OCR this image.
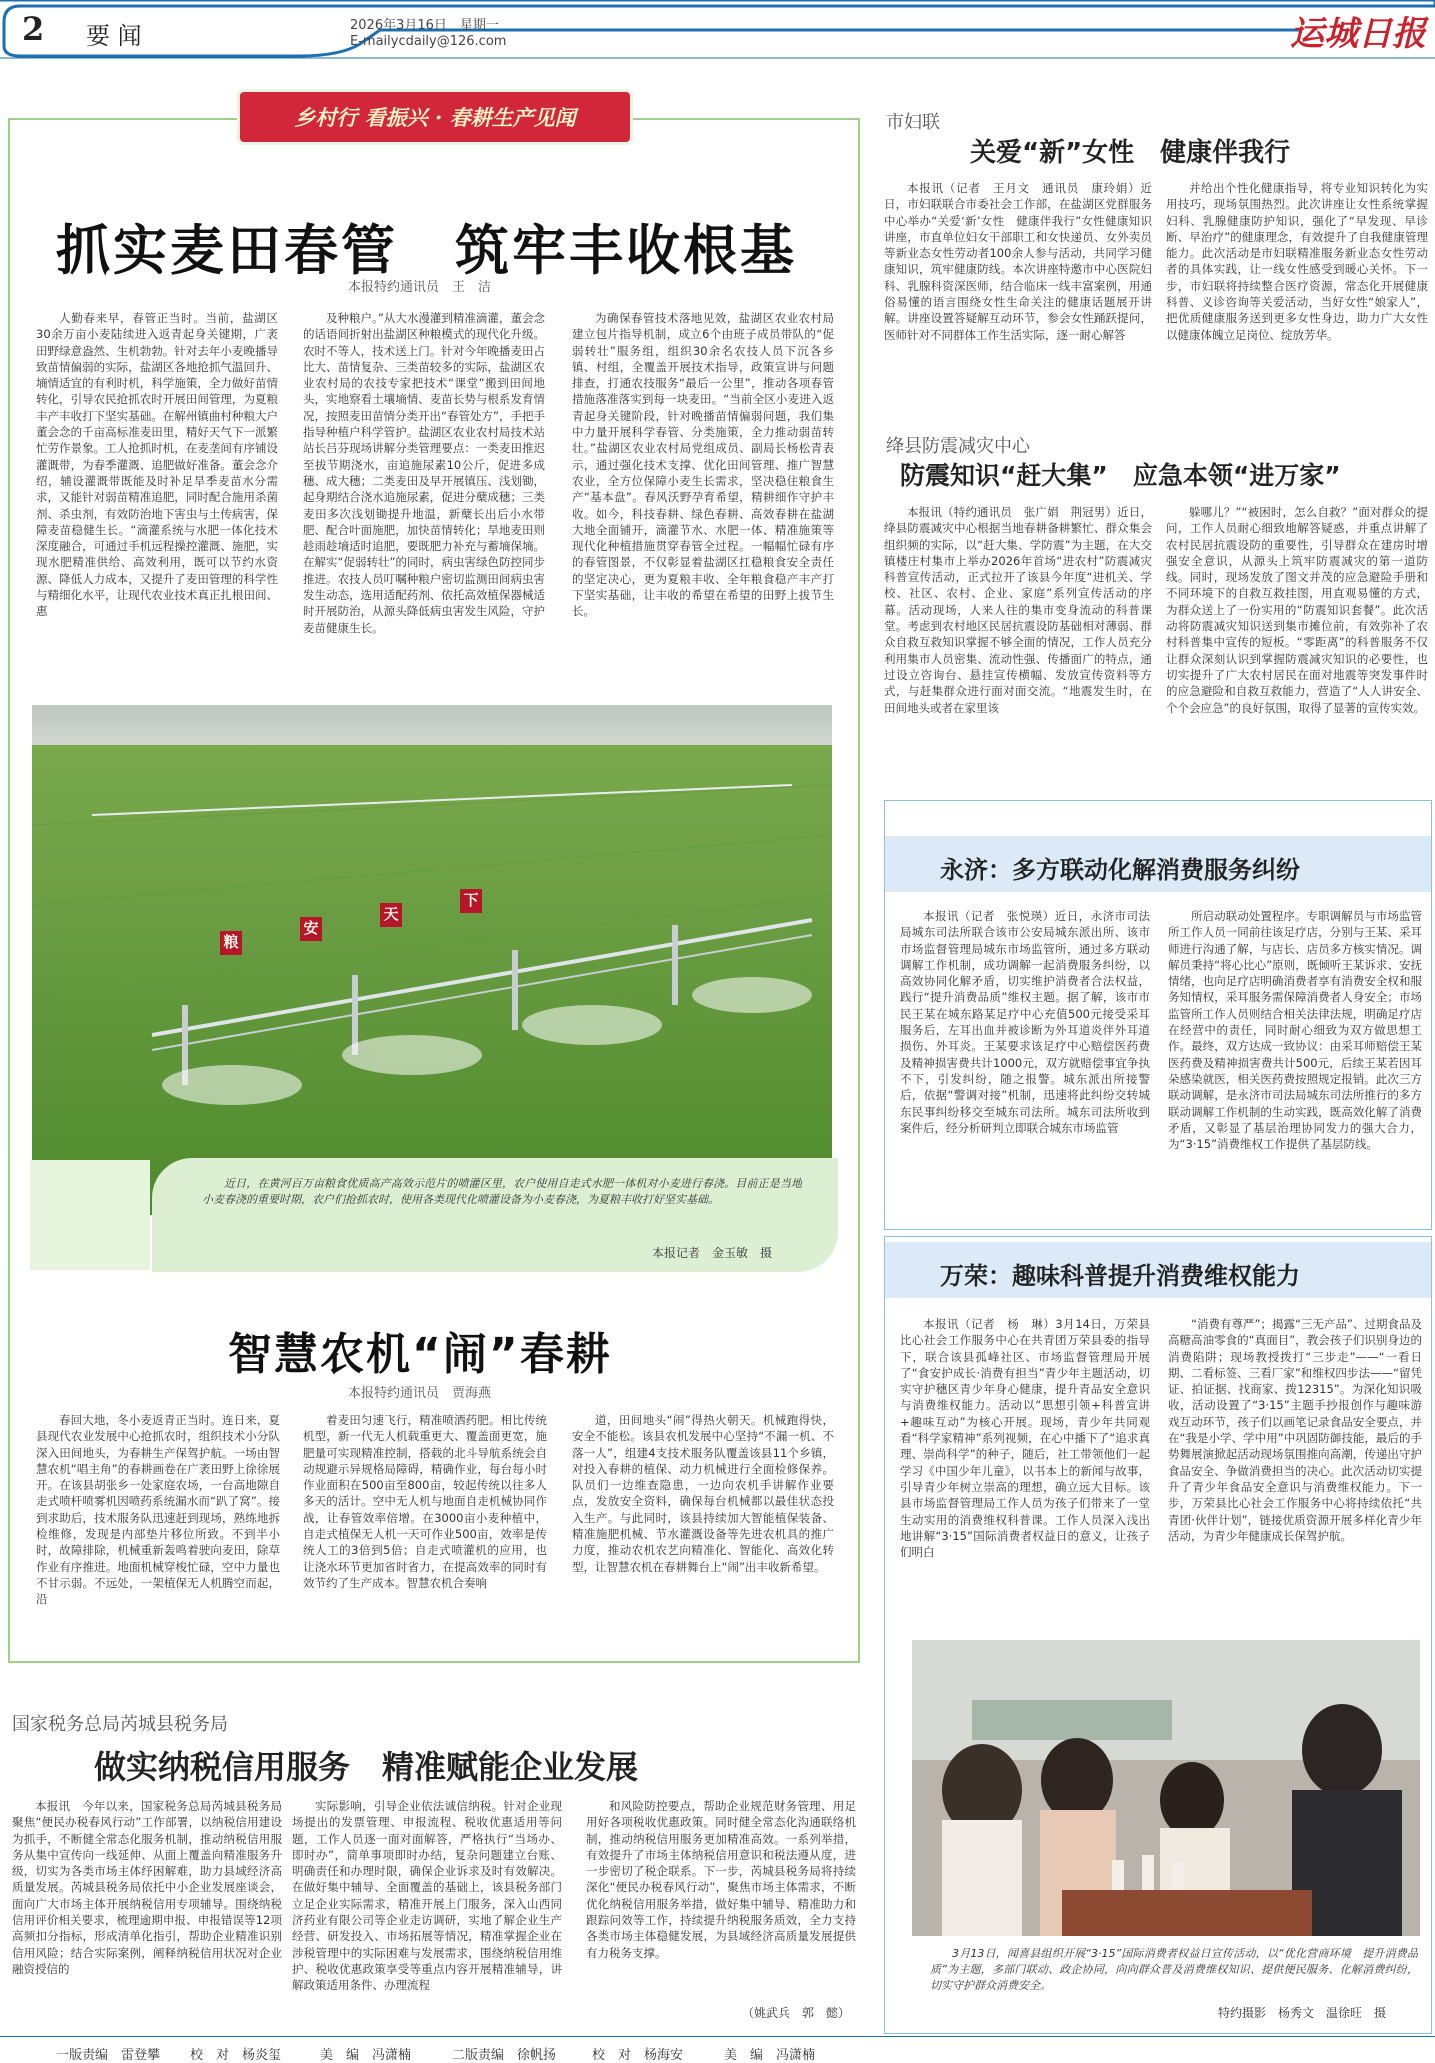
2 要 闻	2026年3月16日　星期一
E-mailycdaily@126.com	运城日报
乡村行 看振兴 · 春耕生产见闻
抓实麦田春管　筑牢丰收根基
本报特约通讯员　王　洁
人勤春来早，春管正当时。当前，盐湖区30余万亩小麦陆续进入返青起身关键期，广袤田野绿意盎然、生机勃勃。针对去年小麦晚播导致苗情偏弱的实际，盐湖区各地抢抓气温回升、墒情适宜的有利时机，科学施策，全力做好苗情转化，引导农民抢抓农时开展田间管理，为夏粮丰产丰收打下坚实基础。在解州镇曲村种粮大户董会念的千亩高标准麦田里，精好天气下一派繁忙劳作景象。工人抢抓时机，在麦垄间有序铺设灌溉带，为春季灌溉、追肥做好准备。董会念介绍，辅设灌溉带既能及时补足旱季麦苗水分需求，又能针对弱苗精准追肥，同时配合施用杀菌剂、杀虫剂，有效防治地下害虫与土传病害，保障麦苗稳健生长。“滴灌系统与水肥一体化技术深度融合，可通过手机远程操控灌溉、施肥，实现水肥精准供给、高效利用，既可以节约水资源、降低人力成本，又提升了麦田管理的科学性与精细化水平，让现代农业技术真正扎根田间、惠
及种粮户。”从大水漫灌到精准滴灌，董会念的话语间折射出盐湖区种粮模式的现代化升级。农时不等人，技术送上门。针对今年晚播麦田占比大、苗情复杂、三类苗较多的实际，盐湖区农业农村局的农技专家把技术“课堂”搬到田间地头，实地察看土壤墒情、麦苗长势与根系发育情况，按照麦田苗情分类开出“春管处方”，手把手指导种植户科学管护。盐湖区农业农村局技术站站长吕芬现场讲解分类管理要点：一类麦田推迟至拔节期浇水，亩追施尿素10公斤，促进多成穗、成大穗；二类麦田及早开展镇压、浅划锄，起身期结合浇水追施尿素，促进分蘖成穗；三类麦田多次浅划锄提升地温，新蘖长出后小水带肥、配合叶面施肥，加快苗情转化；旱地麦田则趁雨趁墒适时追肥，要既肥力补充与蓄墒保墒。在解实“促弱转壮”的同时，病虫害绿色防控同步推进。农技人员叮嘱种粮户密切监测田间病虫害发生动态，选用适配药剂、依托高效植保器械适时开展防治，从源头降低病虫害发生风险，守护麦苗健康生长。
为确保春管技术落地见效，盐湖区农业农村局建立包片指导机制，成立6个由班子成员带队的“促弱转壮”服务组，组织30余名农技人员下沉各乡镇、村组，全覆盖开展技术指导，政策宣讲与问题排查，打通农技服务“最后一公里”，推动各项春管措施落准落实到每一块麦田。“当前全区小麦进入返青起身关键阶段，针对晚播苗情偏弱问题，我们集中力量开展科学春管、分类施策，全力推动弱苗转壮。”盐湖区农业农村局党组成员、副局长杨松青表示，通过强化技术支撑、优化田间管理、推广智慧农业，全方位保障小麦生长需求，坚决稳住粮食生产“基本盘”。春风沃野孕育希望，精耕细作守护丰收。如今，科技春耕、绿色春耕、高效春耕在盐湖大地全面铺开，滴灌节水、水肥一体、精准施策等现代化种植措施贯穿春管全过程。一幅幅忙碌有序的春管图景，不仅彰显着盐湖区扛稳粮食安全责任的坚定决心，更为夏粮丰收、全年粮食稳产丰产打下坚实基础，让丰收的希望在希望的田野上拔节生长。
粮
安
天
下
近日，在黄河百万亩粮食优质高产高效示范片的喷灌区里，农户使用自走式水肥一体机对小麦进行春浇。目前正是当地小麦春浇的重要时期，农户们抢抓农时，使用各类现代化喷灌设备为小麦春浇，为夏粮丰收打好坚实基础。
本报记者　金玉敏　摄
智慧农机“闹”春耕
本报特约通讯员　贾海燕
春回大地，冬小麦返青正当时。连日来，夏县现代农业发展中心抢抓农时，组织技术小分队深入田间地头，为春耕生产保驾护航。一场由智慧农机“唱主角”的春耕画卷在广袤田野上徐徐展开。在该县胡张乡一处家庭农场，一台高地隙自走式喷杆喷雾机因喷药系统漏水而“趴了窝”。接到求助后，技术服务队迅速赶到现场，熟练地拆检维修，发现是内部垫片移位所致。不到半小时，故障排除，机械重新轰鸣着驶向麦田，除草作业有序推进。地面机械穿梭忙碌，空中力量也不甘示弱。不远处，一架植保无人机腾空而起，沿
着麦田匀速飞行，精准喷洒药肥。相比传统机型，新一代无人机载重更大、覆盖面更宽，施肥量可实现精准控制，搭载的北斗导航系统会自动规避示异规格局障碍，精确作业，每台每小时作业面积在500亩至800亩，较起传统以往多人多天的活计。空中无人机与地面自走机械协同作战，让春管效率倍增。在3000亩小麦种植中，自走式植保无人机一天可作业500亩，效率是传统人工的3倍到5倍；自走式喷灌机的应用，也让浇水环节更加省时省力，在提高效率的同时有效节约了生产成本。智慧农机合奏响
道，田间地头“闹”得热火朝天。机械跑得快，安全不能松。该县农机发展中心坚持“不漏一机、不落一人”，组建4支技术服务队覆盖该县11个乡镇，对投入春耕的植保、动力机械进行全面检修保养。队员们一边维查隐患，一边向农机手讲解作业要点，发放安全资料，确保每台机械都以最佳状态投入生产。与此同时，该县持续加大智能植保装备、精准施肥机械、节水灌溉设备等先进农机具的推广力度，推动农机农艺向精准化、智能化、高效化转型，让智慧农机在春耕舞台上“闹”出丰收新希望。
国家税务总局芮城县税务局
做实纳税信用服务　精准赋能企业发展
本报讯　今年以来，国家税务总局芮城县税务局聚焦“便民办税春风行动”工作部署，以纳税信用建设为抓手，不断健全常态化服务机制，推动纳税信用服务从集中宣传向一线延伸、从面上覆盖向精准服务升级，切实为各类市场主体纾困解难，助力县域经济高质量发展。芮城县税务局依托中小企业发展座谈会，面向广大市场主体开展纳税信用专项辅导。围绕纳税信用评价相关要求，梳理逾期申报、申报错误等12项高频扣分指标，形成清单化指引，帮助企业精准识别信用风险；结合实际案例，阐释纳税信用状况对企业融资授信的
实际影响，引导企业依法诚信纳税。针对企业现场提出的发票管理、申报流程、税收优惠适用等问题，工作人员逐一面对面解答，严格执行“当场办、即时办”，简单事项即时办结，复杂问题建立台账、明确责任和办理时限，确保企业诉求及时有效解决。在做好集中辅导、全面覆盖的基础上，该县税务部门立足企业实际需求，精准开展上门服务，深入山西同济药业有限公司等企业走访调研，实地了解企业生产经营、研发投入、市场拓展等情况，精准掌握企业在涉税管理中的实际困难与发展需求，围绕纳税信用维护、税收优惠政策享受等重点内容开展精准辅导，讲解政策适用条件、办理流程
和风险防控要点，帮助企业规范财务管理、用足用好各项税收优惠政策。同时健全常态化沟通联络机制，推动纳税信用服务更加精准高效。一系列举措，有效提升了市场主体纳税信用意识和税法遵从度，进一步密切了税企联系。下一步，芮城县税务局将持续深化“便民办税春风行动”，聚焦市场主体需求，不断优化纳税信用服务举措，做好集中辅导、精准助力和跟踪问效等工作，持续提升纳税服务质效，全力支持各类市场主体稳健发展，为县域经济高质量发展提供有力税务支撑。
（姚武兵　郭　懿）
市妇联
关爱“新”女性　健康伴我行
本报讯（记者　王月文　通讯员　康玲娟）近日，市妇联联合市委社会工作部，在盐湖区党群服务中心举办“关爱‘新’女性　健康伴我行”女性健康知识讲座，市直单位妇女干部职工和女快递员、女外卖员等新业态女性劳动者100余人参与活动，共同学习健康知识，筑牢健康防线。本次讲座特邀市中心医院妇科、乳腺科资深医师，结合临床一线丰富案例，用通俗易懂的语言围绕女性生命关注的健康话题展开讲解。讲座设置答疑解互动环节，参会女性踊跃提问，医师针对不同群体工作生活实际，逐一耐心解答
并给出个性化健康指导，将专业知识转化为实用技巧，现场氛围热烈。此次讲座让女性系统掌握妇科、乳腺健康防护知识，强化了“早发现、早诊断、早治疗”的健康理念，有效提升了自我健康管理能力。此次活动是市妇联精准服务新业态女性劳动者的具体实践，让一线女性感受到暖心关怀。下一步，市妇联将持续整合医疗资源，常态化开展健康科普、义诊咨询等关爱活动，当好女性“娘家人”，把优质健康服务送到更多女性身边，助力广大女性以健康体魄立足岗位、绽放芳华。
绛县防震减灾中心
防震知识“赶大集”　应急本领“进万家”
本报讯（特约通讯员　张广娟　荆冠男）近日，绛县防震减灾中心根据当地春耕备耕繁忙、群众集会组织频的实际，以“赶大集、学防震”为主题，在大交镇楼庄村集市上举办2026年首场“进农村”防震减灾科普宣传活动，正式拉开了该县今年度“进机关、学校、社区、农村、企业、家庭”系列宣传活动的序幕。活动现场，人来人往的集市变身流动的科普课堂。考虑到农村地区民居抗震设防基础相对薄弱、群众自救互救知识掌握不够全面的情况，工作人员充分利用集市人员密集、流动性强、传播面广的特点，通过设立咨询台、悬挂宣传横幅、发放宣传资料等方式，与赶集群众进行面对面交流。“地震发生时，在田间地头或者在家里该
躲哪儿？”“被困时，怎么自救？”面对群众的提问，工作人员耐心细致地解答疑惑，并重点讲解了农村民居抗震设防的重要性，引导群众在建房时增强安全意识，从源头上筑牢防震减灾的第一道防线。同时，现场发放了图文并茂的应急避险手册和不同环境下的自救互救挂图，用直观易懂的方式，为群众送上了一份实用的“防震知识套餐”。此次活动将防震减灾知识送到集市摊位前，有效弥补了农村科普集中宣传的短板。“零距离”的科普服务不仅让群众深刻认识到掌握防震减灾知识的必要性，也切实提升了广大农村居民在面对地震等突发事件时的应急避险和自救互救能力，营造了“人人讲安全、个个会应急”的良好氛围，取得了显著的宣传实效。
永济：多方联动化解消费服务纠纷
本报讯（记者　张悦瑛）近日，永济市司法局城东司法所联合该市公安局城东派出所、该市市场监督管理局城东市场监管所，通过多方联动调解工作机制，成功调解一起消费服务纠纷，以高效协同化解矛盾，切实维护消费者合法权益，践行“提升消费品质”维权主题。据了解，该市市民王某在城东路某足疗中心充值500元接受采耳服务后，左耳出血并被诊断为外耳道炎伴外耳道损伤、外耳炎。王某要求该足疗中心赔偿医药费及精神损害费共计1000元，双方就赔偿事宜争执不下，引发纠纷，随之报警。城东派出所接警后，依据“警调对接”机制，迅速将此纠纷交转城东民事纠纷移交至城东司法所。城东司法所收到案件后，经分析研判立即联合城东市场监管
所启动联动处置程序。专职调解员与市场监管所工作人员一同前往该足疗店，分别与王某、采耳师进行沟通了解，与店长、店员多方核实情况。调解员秉持“将心比心”原则，既倾听王某诉求、安抚情绪，也向足疗店明确消费者享有消费安全权和服务知情权，采耳服务需保障消费者人身安全；市场监管所工作人员则结合相关法律法规，明确足疗店在经营中的责任，同时耐心细致为双方做思想工作。最终，双方达成一致协议：由采耳师赔偿王某医药费及精神损害费共计500元，后续王某若因耳朵感染就医，相关医药费按照规定报销。此次三方联动调解，是永济市司法局城东司法所推行的多方联动调解工作机制的生动实践，既高效化解了消费矛盾，又彰显了基层治理协同发力的强大合力，为“3·15”消费维权工作提供了基层防线。
万荣：趣味科普提升消费维权能力
本报讯（记者　杨　琳）3月14日，万荣县比心社会工作服务中心在共青团万荣县委的指导下，联合该县孤峰社区、市场监督管理局开展了“食安护成长·消费有担当”青少年主题活动，切实守护穗区青少年身心健康，提升青品安全意识与消费维权能力。活动以“思想引领+科普宣讲+趣味互动”为核心开展。现场，青少年共同观看“科学家精神”系列视频，在心中播下了“追求真理、崇尚科学”的种子，随后，社工带领他们一起学习《中国少年儿童》，以书本上的新闻与故事，引导青少年树立崇高的理想，确立远大目标。该县市场监督管理局工作人员为孩子们带来了一堂生动实用的消费维权科普课。工作人员深入浅出地讲解“3·15”国际消费者权益日的意义，让孩子们明白
“消费有尊严”；揭露“三无产品”、过期食品及高糖高油零食的“真面目”，教会孩子们识别身边的消费陷阱；现场教授拨打“三步走”——“一看日期、二看标签、三看厂家”和维权四步法——“留凭证、拍证据、找商家、拨12315”。为深化知识吸收，活动设置了“3·15”主题手抄报创作与趣味游戏互动环节，孩子们以画笔记录食品安全要点，并在“我是小学、学中用”中巩固防御技能，最后的手势舞展演掀起活动现场氛围推向高潮，传递出守护食品安全、争做消费担当的决心。此次活动切实提升了青少年食品安全意识与消费维权能力。下一步，万荣县比心社会工作服务中心将持续依托“共青团·伙伴计划”，链接优质资源开展多样化青少年活动，为青少年健康成长保驾护航。
3月13日，闻喜县组织开展“3·15”国际消费者权益日宣传活动，以“优化营商环境　提升消费品质”为主题，多部门联动、政企协同，向向群众普及消费维权知识、提供便民服务、化解消费纠纷，切实守护群众消费安全。
特约摄影　杨秀文　温徐旺　摄
一版责编　雷登攀 校　对　杨炎玺	美　编　冯潇楠	二版责编　徐帆扬	校　对　杨海安	美　编　冯潇楠
